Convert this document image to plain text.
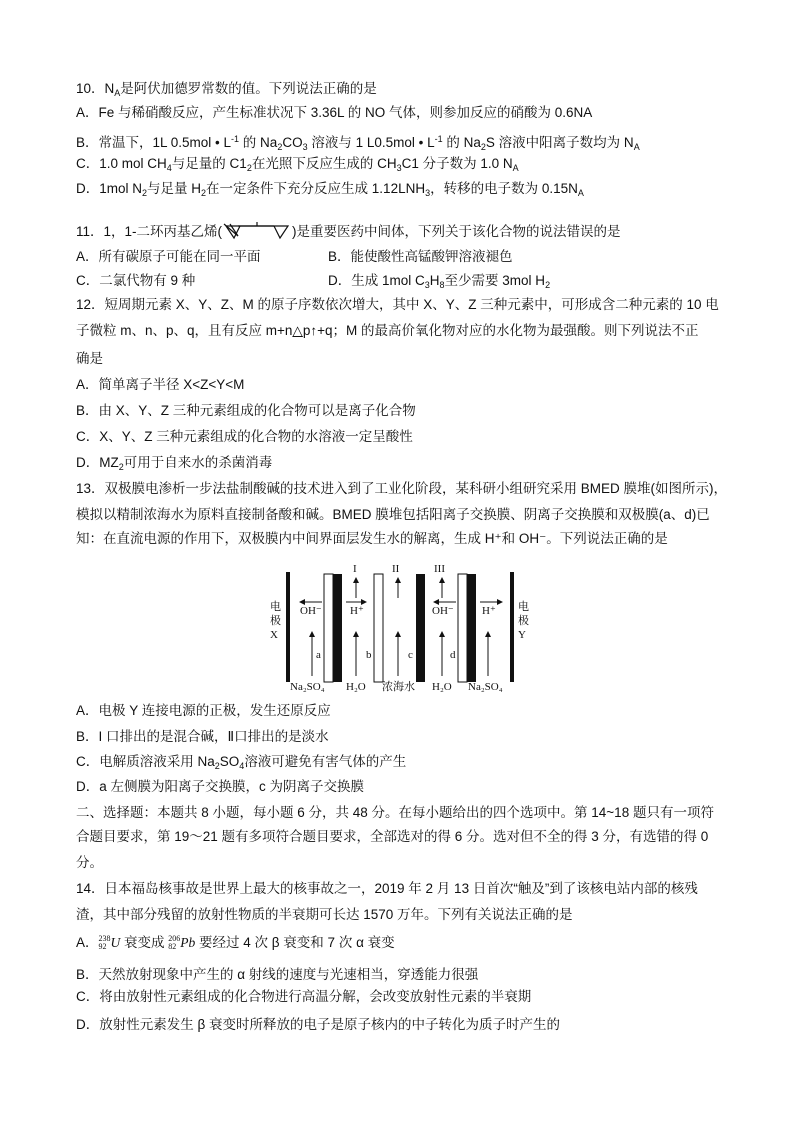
10．$N_A$是阿伏加德罗常数的值。下列说法正确的是
A．Fe 与稀硝酸反应，产生标准状况下 3.36L 的 NO 气体，则参加反应的硝酸为 0.6NA
B．常温下，1L 0.5mol • $L^{-1}$ 的 $Na_2CO_3$ 溶液与 1 L0.5mol • $L^{-1}$ 的 $Na_2S$ 溶液中阳离子数均为 $N_A$
C．1.0 mol $CH_4$与足量的 $C1_2$在光照下反应生成的 $CH_3C1$ 分子数为 1.0 $N_A$
D．1mol $N_2$与足量 $H_2$在一定条件下充分反应生成 $1.12LNH_3$，转移的电子数为 $0.15N_A$
11．1，1-二环丙基乙烯(	)是重要医药中间体，下列关于该化合物的说法错误的是
A．所有碳原子可能在同一平面	B．能使酸性高锰酸钾溶液褪色
C．二氯代物有 9 种	D．生成 1mol $C_3H_8$至少需要 3mol $H_2$
12．短周期元素 X、Y、Z、M 的原子序数依次增大，其中 X、Y、Z 三种元素中，可形成含二种元素的 10 电
子微粒 m、n、p、q，且有反应 m+n△p↑+q；M 的最高价氧化物对应的水化物为最强酸。则下列说法不正
确是
A．简单离子半径 X<Z<Y<M
B．由 X、Y、Z 三种元素组成的化合物可以是离子化合物
C．X、Y、Z 三种元素组成的化合物的水溶液一定呈酸性
D．$MZ_2$可用于自来水的杀菌消毒
13．双极膜电渗析一步法盐制酸碱的技术进入到了工业化阶段，某科研小组研究采用 BMED 膜堆(如图所示)，
模拟以精制浓海水为原料直接制备酸和碱。BMED 膜堆包括阳离子交换膜、阴离子交换膜和双极膜(a、d)已
知：在直流电源的作用下，双极膜内中间界面层发生水的解离，生成 H⁺和 OH⁻。下列说法正确的是
电
极
X
电
极
Y
a	b	c	d
OH⁻	H⁺	OH⁻	H⁺
I	II	III
Na₂SO₄ H₂O 浓海水 H₂O Na₂SO₄
A．电极 Y 连接电源的正极，发生还原反应
B．I 口排出的是混合碱，Ⅱ口排出的是淡水
C．电解质溶液采用 $Na_2SO_4$溶液可避免有害气体的产生
D．a 左侧膜为阳离子交换膜，c 为阴离子交换膜
二、选择题：本题共 8 小题，每小题 6 分，共 48 分。在每小题给出的四个选项中。第 14~18 题只有一项符
合题目要求，第 19～21 题有多项符合题目要求，全部选对的得 6 分。选对但不全的得 3 分，有选错的得 0
分。
14．日本福岛核事故是世界上最大的核事故之一，2019 年 2 月 13 日首次“触及”到了该核电站内部的核残
渣，其中部分残留的放射性物质的半衰期可长达 1570 万年。下列有关说法正确的是
A． 238
92 U 衰变成 206
82 Pb 要经过 4 次 β 衰变和 7 次 α 衰变
B．天然放射现象中产生的 α 射线的速度与光速相当，穿透能力很强
C．将由放射性元素组成的化合物进行高温分解，会改变放射性元素的半衰期
D．放射性元素发生 β 衰变时所释放的电子是原子核内的中子转化为质子时产生的
